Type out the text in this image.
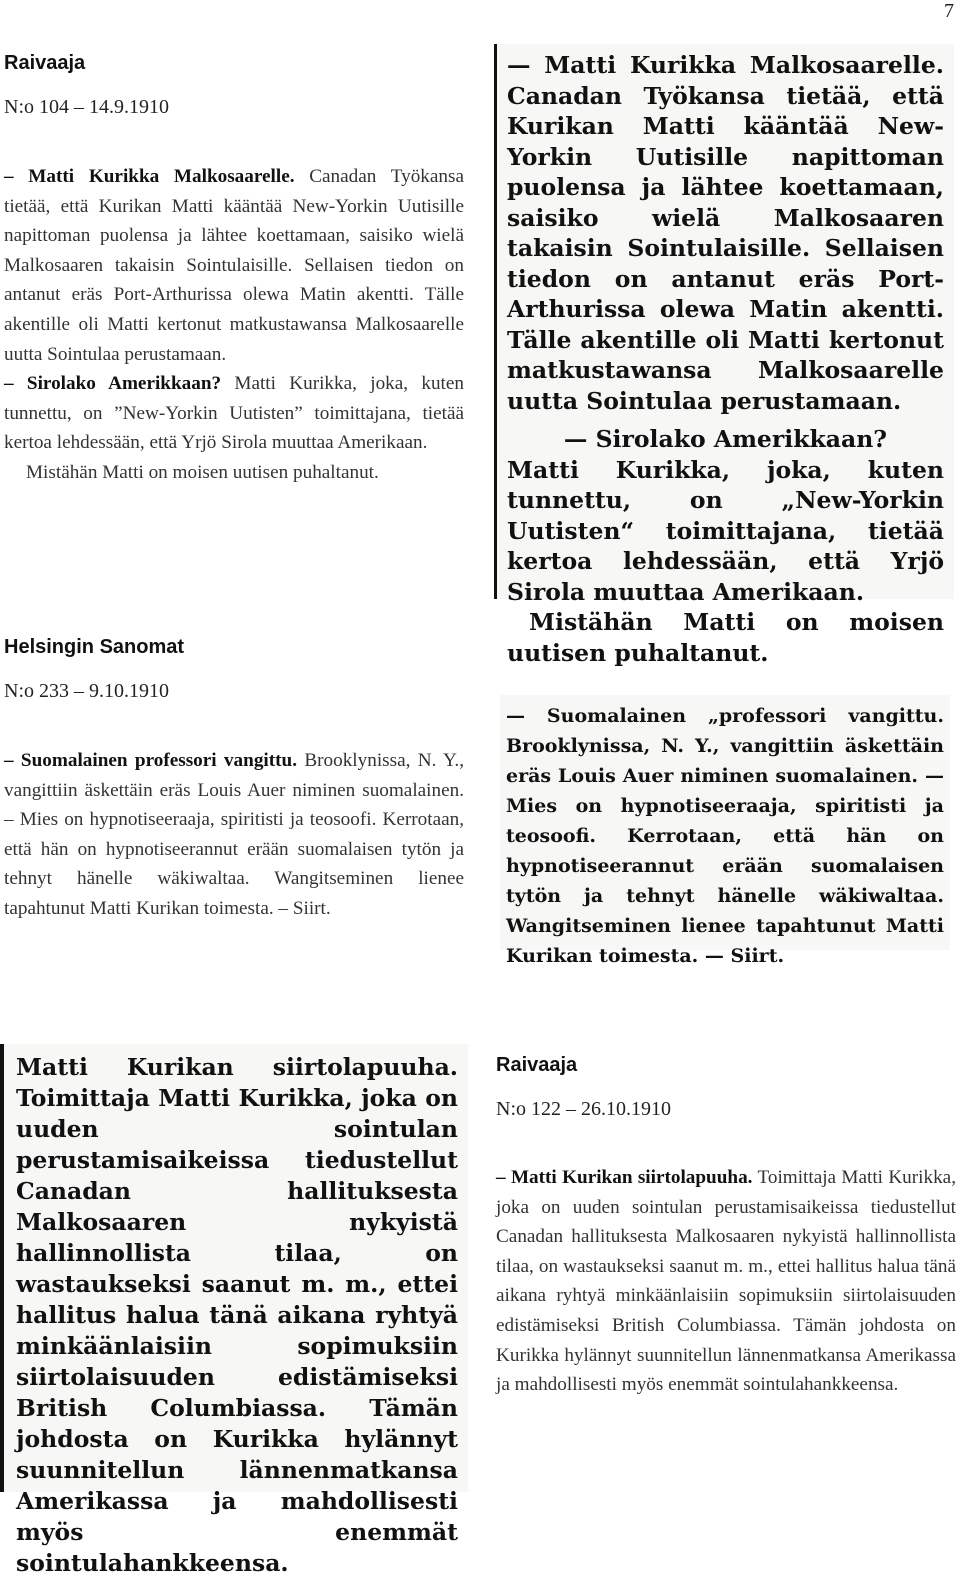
7
Raivaaja
N:o 104 – 14.9.1910

– Matti Kurikka Malkosaarelle. Canadan Työkansa tietää, että Kurikan Matti kääntää New-Yorkin Uutisille napittoman puolensa ja lähtee koettamaan, saisiko wielä Malkosaaren takaisin Sointulaisille. Sellaisen tiedon on antanut eräs Port-Arthurissa olewa Matin akentti. Tälle akentille oli Matti kertonut matkustawansa Malkosaarelle uutta Sointulaa perustamaan.

– Sirolako Amerikkaan? Matti Kurikka, joka, kuten tunnettu, on ”New-Yorkin Uutisten” toimittajana, tietää kertoa lehdessään, että Yrjö Sirola muuttaa Amerikaan.

Mistähän Matti on moisen uutisen puhaltanut.

— Matti Kurikka Malkosaarelle. Canadan Työkansa tietää, että Kurikan Matti kääntää New-Yorkin Uutisille napittoman puolensa ja lähtee koettamaan, saisiko wielä Malkosaaren takaisin Sointulaisille. Sellaisen tiedon on antanut eräs Port-Arthurissa olewa Matin akentti. Tälle akentille oli Matti kertonut matkustawansa Malkosaarelle uutta Sointulaa perustamaan.

— Sirolako Amerikkaan?

Matti Kurikka, joka, kuten tunnettu, on „New-Yorkin Uutisten“ toimittajana, tietää kertoa lehdessään, että Yrjö Sirola muuttaa Amerikaan.

Mistähän Matti on moisen uutisen puhaltanut.

Helsingin Sanomat
N:o 233 – 9.10.1910

– Suomalainen professori vangittu. Brooklynissa, N. Y., vangittiin äskettäin eräs Louis Auer niminen suomalainen. – Mies on hypnotiseeraaja, spiritisti ja teosoofi. Kerrotaan, että hän on hypnotiseerannut erään suomalaisen tytön ja tehnyt hänelle wäkiwaltaa. Wangitseminen lienee tapahtunut Matti Kurikan toimesta. – Siirt.

— Suomalainen „professori vangittu. Brooklynissa, N. Y., vangittiin äskettäin eräs Louis Auer niminen suomalainen. — Mies on hypnotiseeraaja, spiritisti ja teosoofi. Kerrotaan, että hän on hypnotiseerannut erään suomalaisen tytön ja tehnyt hänelle wäkiwaltaa. Wangitseminen lienee tapahtunut Matti Kurikan toimesta. — Siirt.

Matti Kurikan siirtolapuuha. Toimittaja Matti Kurikka, joka on uuden sointulan perustamisaikeissa tiedustellut Canadan hallituksesta Malkosaaren nykyistä hallinnollista tilaa, on wastaukseksi saanut m. m., ettei hallitus halua tänä aikana ryhtyä minkäänlaisiin sopimuksiin siirtolaisuuden edistämiseksi British Columbiassa. Tämän johdosta on Kurikka hylännyt suunnitellun lännenmatkansa Amerikassa ja mahdollisesti myös enemmät sointulahankkeensa.

Raivaaja
N:o 122 – 26.10.1910

– Matti Kurikan siirtolapuuha. Toimittaja Matti Kurikka, joka on uuden sointulan perustamisaikeissa tiedustellut Canadan hallituksesta Malkosaaren nykyistä hallinnollista tilaa, on wastaukseksi saanut m. m., ettei hallitus halua tänä aikana ryhtyä minkäänlaisiin sopimuksiin siirtolaisuuden edistämiseksi British Columbiassa. Tämän johdosta on Kurikka hylännyt suunnitellun lännenmatkansa Amerikassa ja mahdollisesti myös enemmät sointulahankkeensa.
